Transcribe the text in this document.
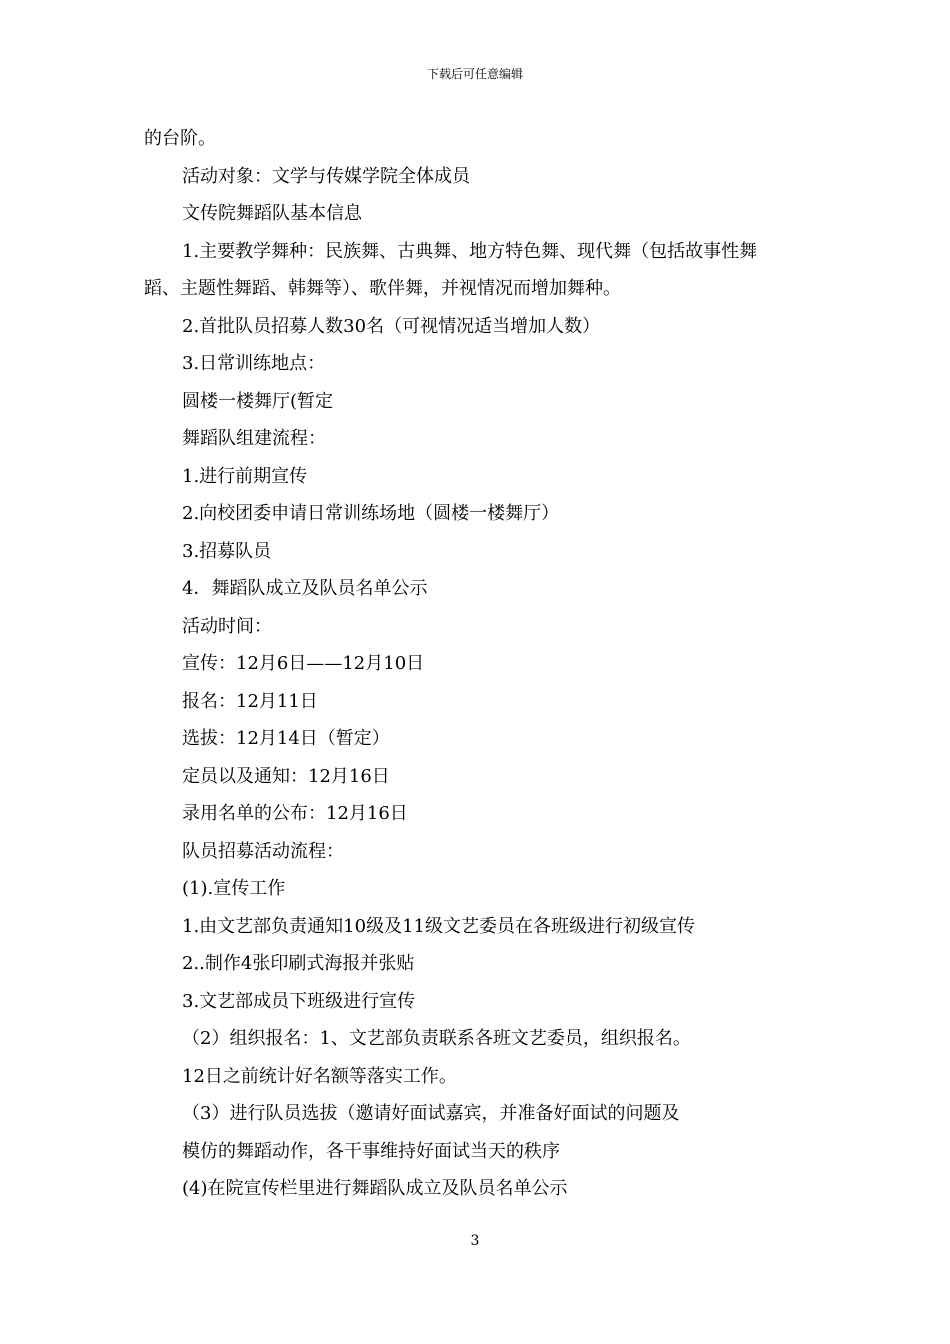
下载后可任意编辑
的台阶。
活动对象：文学与传媒学院全体成员
文传院舞蹈队基本信息
1.主要教学舞种：民族舞、古典舞、地方特色舞、现代舞（包括故事性舞
蹈、主题性舞蹈、韩舞等）、歌伴舞，并视情况而增加舞种。
2.首批队员招募人数30名（可视情况适当增加人数）
3.日常训练地点：
圆楼一楼舞厅(暂定
舞蹈队组建流程：
1.进行前期宣传
2.向校团委申请日常训练场地（圆楼一楼舞厅）
3.招募队员
4．舞蹈队成立及队员名单公示
活动时间：
宣传：12月6日——12月10日
报名：12月11日
选拔：12月14日（暂定）
定员以及通知：12月16日
录用名单的公布：12月16日
队员招募活动流程：
(1).宣传工作
1.由文艺部负责通知10级及11级文艺委员在各班级进行初级宣传
2..制作4张印刷式海报并张贴
3.文艺部成员下班级进行宣传
（2）组织报名：1、文艺部负责联系各班文艺委员，组织报名。
12日之前统计好名额等落实工作。
（3）进行队员选拔（邀请好面试嘉宾，并准备好面试的问题及
模仿的舞蹈动作，各干事维持好面试当天的秩序
(4)在院宣传栏里进行舞蹈队成立及队员名单公示
3
